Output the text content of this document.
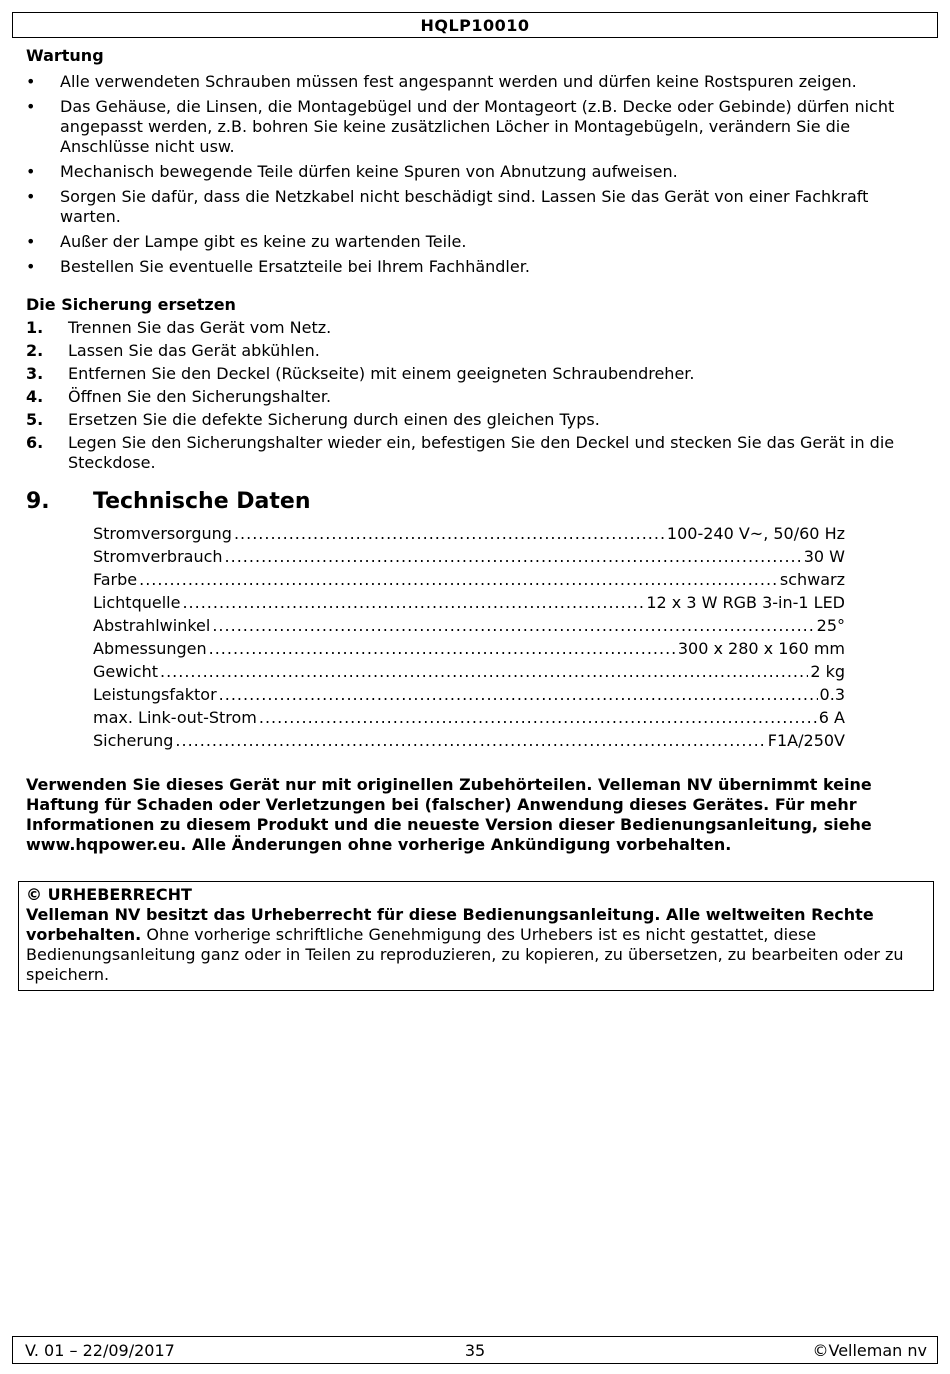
HQLP10010
Wartung
•	Alle verwendeten Schrauben müssen fest angespannt werden und dürfen keine Rostspuren zeigen.
•	Das Gehäuse, die Linsen, die Montagebügel und der Montageort (z.B. Decke oder Gebinde) dürfen nicht angepasst werden, z.B. bohren Sie keine zusätzlichen Löcher in Montagebügeln, verändern Sie die Anschlüsse nicht usw.
•	Mechanisch bewegende Teile dürfen keine Spuren von Abnutzung aufweisen.
•	Sorgen Sie dafür, dass die Netzkabel nicht beschädigt sind. Lassen Sie das Gerät von einer Fachkraft warten.
•	Außer der Lampe gibt es keine zu wartenden Teile.
•	Bestellen Sie eventuelle Ersatzteile bei Ihrem Fachhändler.
Die Sicherung ersetzen
1. Trennen Sie das Gerät vom Netz.
2. Lassen Sie das Gerät abkühlen.
3. Entfernen Sie den Deckel (Rückseite) mit einem geeigneten Schraubendreher.
4. Öffnen Sie den Sicherungshalter.
5. Ersetzen Sie die defekte Sicherung durch einen des gleichen Typs.
6. Legen Sie den Sicherungshalter wieder ein, befestigen Sie den Deckel und stecken Sie das Gerät in die Steckdose.
9. Technische Daten
Stromversorgung .....	100-240 V~, 50/60 Hz
Stromverbrauch .....	30 W
Farbe .....	schwarz
Lichtquelle .....	12 x 3 W RGB 3-in-1 LED
Abstrahlwinkel .....	25°
Abmessungen .....	300 x 280 x 160 mm
Gewicht .....	2 kg
Leistungsfaktor .....	0.3
max. Link-out-Strom .....	6 A
Sicherung .....	F1A/250V
Verwenden Sie dieses Gerät nur mit originellen Zubehörteilen. Velleman NV übernimmt keine Haftung für Schaden oder Verletzungen bei (falscher) Anwendung dieses Gerätes. Für mehr Informationen zu diesem Produkt und die neueste Version dieser Bedienungsanleitung, siehe www.hqpower.eu. Alle Änderungen ohne vorherige Ankündigung vorbehalten.
© URHEBERRECHT
Velleman NV besitzt das Urheberrecht für diese Bedienungsanleitung. Alle weltweiten Rechte vorbehalten. Ohne vorherige schriftliche Genehmigung des Urhebers ist es nicht gestattet, diese Bedienungsanleitung ganz oder in Teilen zu reproduzieren, zu kopieren, zu übersetzen, zu bearbeiten oder zu speichern.
V. 01 – 22/09/2017	35	©Velleman nv
